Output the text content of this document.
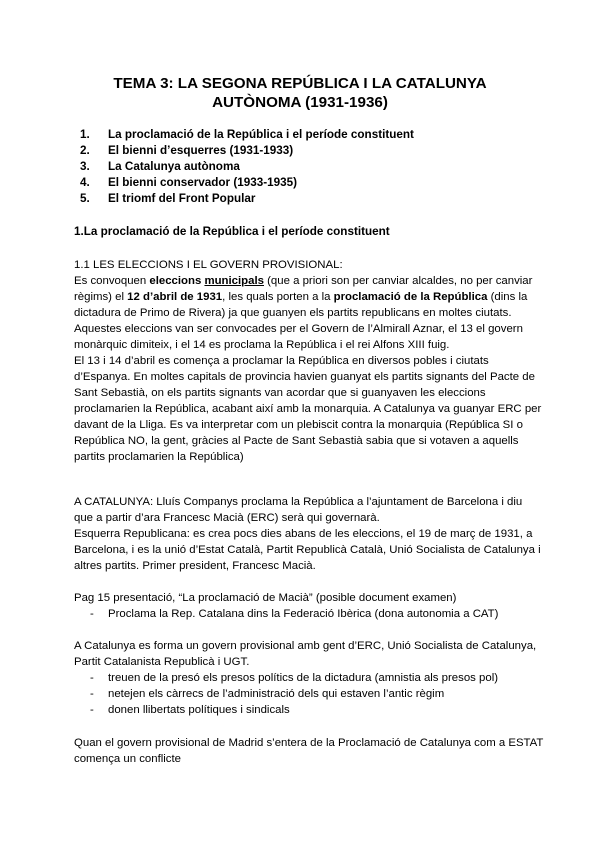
TEMA 3: LA SEGONA REPÚBLICA I LA CATALUNYA
AUTÒNOMA (1931-1936)
1. La proclamació de la República i el període constituent
2. El bienni d’esquerres (1931-1933)
3. La Catalunya autònoma
4. El bienni conservador (1933-1935)
5. El triomf del Front Popular
1.La proclamació de la República i el període constituent

1.1 LES ELECCIONS I EL GOVERN PROVISIONAL:

Es convoquen eleccions municipals (que a priori son per canviar alcaldes, no per canviar règims) el 12 d’abril de 1931, les quals porten a la proclamació de la República (dins la dictadura de Primo de Rivera) ja que guanyen els partits republicans en moltes ciutats.

Aquestes eleccions van ser convocades per el Govern de l’Almirall Aznar, el 13 el govern monàrquic dimiteix, i el 14 es proclama la República i el rei Alfons XIII fuig.

El 13 i 14 d’abril es comença a proclamar la República en diversos pobles i ciutats d’Espanya. En moltes capitals de provincia havien guanyat els partits signants del Pacte de Sant Sebastià, on els partits signants van acordar que si guanyaven les eleccions proclamarien la República, acabant així amb la monarquia. A Catalunya va guanyar ERC per davant de la Lliga. Es va interpretar com un plebiscit contra la monarquia (República SI o República NO, la gent, gràcies al Pacte de Sant Sebastià sabia que si votaven a aquells partits proclamarien la República)

A CATALUNYA: Lluís Companys proclama la República a l’ajuntament de Barcelona i diu que a partir d’ara Francesc Macià (ERC) serà qui governarà.

Esquerra Republicana: es crea pocs dies abans de les eleccions, el 19 de març de 1931, a Barcelona, i es la unió d’Estat Català, Partit Republicà Català, Unió Socialista de Catalunya i altres partits. Primer president, Francesc Macià.

Pag 15 presentació, “La proclamació de Macià” (posible document examen)

- Proclama la Rep. Catalana dins la Federació Ibèrica (dona autonomia a CAT)

A Catalunya es forma un govern provisional amb gent d’ERC, Unió Socialista de Catalunya, Partit Catalanista Republicà i UGT.

- treuen de la presó els presos polítics de la dictadura (amnistia als presos pol)
- netejen els càrrecs de l’administració dels qui estaven l’antic règim
- donen llibertats polítiques i sindicals

Quan el govern provisional de Madrid s’entera de la Proclamació de Catalunya com a ESTAT comença un conflicte
